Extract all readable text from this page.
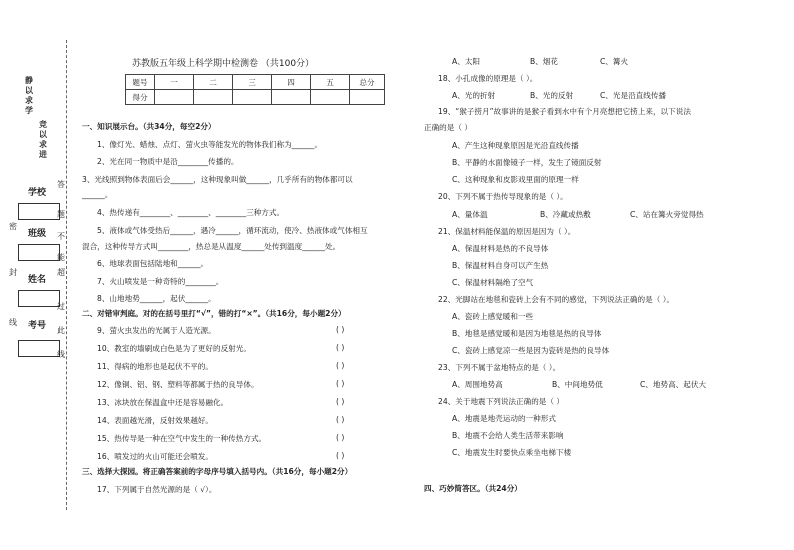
静以求学
竞以求进
学校
班级
姓名
考号
密
封
线
答
题
不
能
超
过
此
线
苏教版五年级上科学期中检测卷 （共100分）
题号	一	二	三	四	五	总分
得分						
一、知识展示台。（共34分，每空2分）
1、像灯光、蜡烛、点灯、萤火虫等能发光的物体我们称为______。
2、光在同一物质中是沿________传播的。
3、光线照到物体表面后会______，这种现象叫做______，几乎所有的物体都可以
______。
4、热传递有________、________、________三种方式。
5、液体或气体受热后______，遇冷______，循环流动，使冷、热液体或气体相互
混合，这种传导方式叫________，热总是从温度______处传到温度______处。
6、地球表面包括陆地和______。
7、火山喷发是一种奇特的________。
8、山地地势______，起伏______。
二、对错审判庭。对的在括号里打“√”，错的打“×”。（共16分，每小题2分）
9、萤火虫发出的光属于人造光源。	( )
10、教室的墙刷成白色是为了更好的反射光。	( )
11、得病的地形也是起伏不平的。	( )
12、像铜、铝、钢、塑料等都属于热的良导体。	( )
13、冰块放在保温盒中还是容易融化。	( )
14、表面越光滑，反射效果越好。	( )
15、热传导是一种在空气中发生的一种传热方式。	( )
16、喷发过的火山可能还会喷发。	( )
三、选择大探园。将正确答案前的字母序号填入括号内。（共16分，每小题2分）
17、下列属于自然光源的是（ √）。
A、太阳	B、烟花	C、篝火
18、小孔成像的原理是（ ）。
A、光的折射	B、光的反射	C、光是沿直线传播
19、“猴子捞月”故事讲的是猴子看到水中有个月亮想把它捞上来，以下说法
正确的是（ ）
A、产生这种现象原因是光沿直线传播
B、平静的水面像镜子一样，发生了镜面反射
C、这种现象和皮影戏里面的原理一样
20、下列不属于热传导现象的是（ ）。
A、量体温	B、冷藏或热敷	C、站在篝火旁觉得热
21、保温材料能保温的原因是因为（ ）。
A、保温材料是热的不良导体
B、保温材料自身可以产生热
C、保温材料隔绝了空气
22、光脚站在地毯和瓷砖上会有不同的感觉，下列说法正确的是（ ）。
A、瓷砖上感觉暖和一些
B、地毯是感觉暖和是因为地毯是热的良导体
C、瓷砖上感觉凉一些是因为瓷砖是热的良导体
23、下列不属于盆地特点的是（ ）。
A、周围地势高	B、中间地势低	C、地势高、起伏大
24、关于地震下列说法正确的是（ ）
A、地震是地壳运动的一种形式
B、地震不会给人类生活带来影响
C、地震发生时要快点乘坐电梯下楼
四、巧妙简答区。（共24分）
